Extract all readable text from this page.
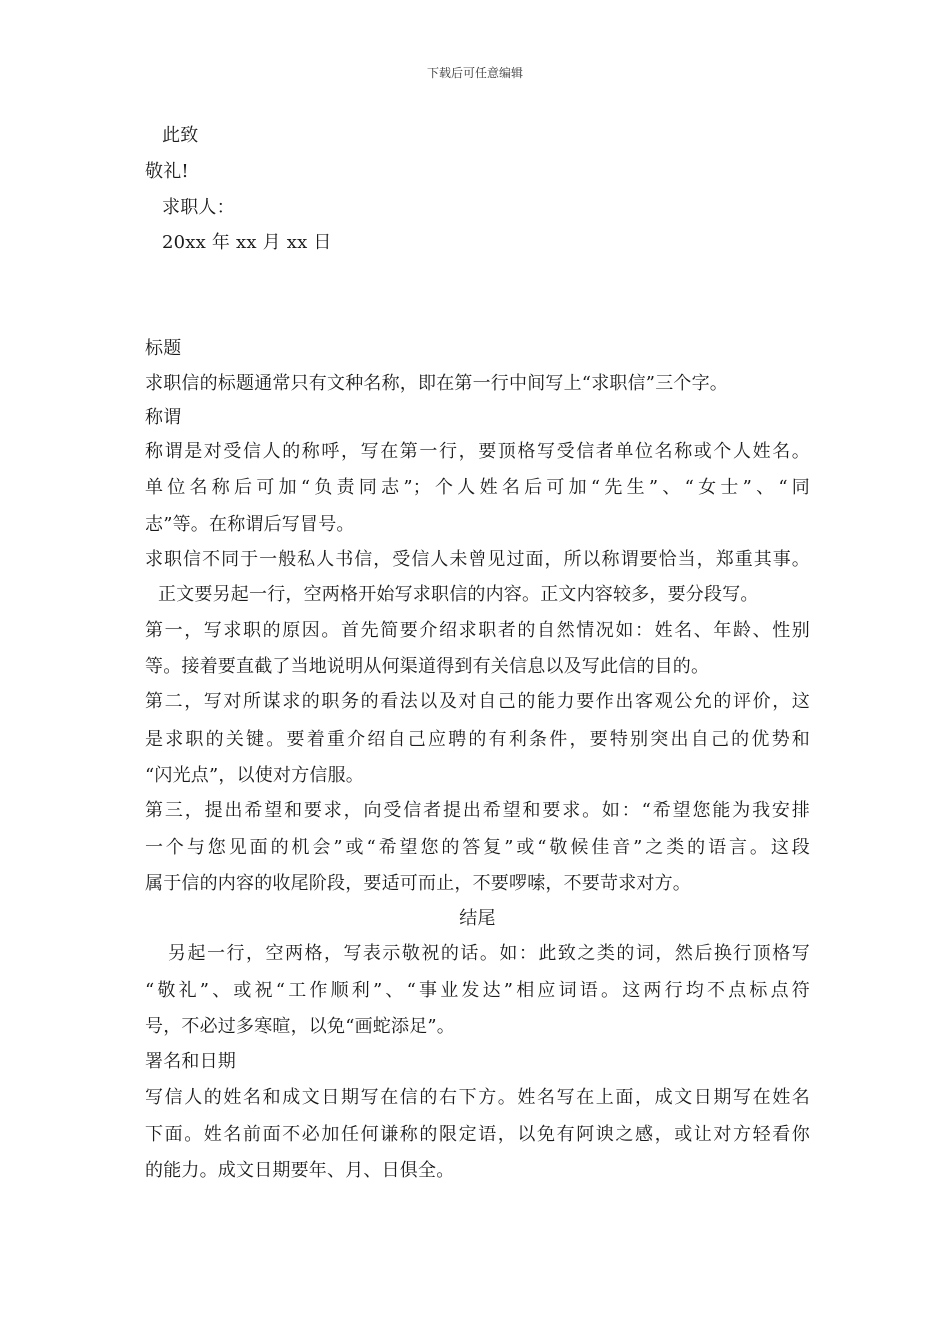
下载后可任意编辑
此致
敬礼!
求职人：
20xx 年 xx 月 xx 日
标题
求职信的标题通常只有文种名称，即在第一行中间写上“求职信”三个字。
称谓
称谓是对受信人的称呼，写在第一行，要顶格写受信者单位名称或个人姓名。
单位名称后可加“负责同志”；个人姓名后可加“先生”、“女士”、“同
志”等。在称谓后写冒号。
求职信不同于一般私人书信，受信人未曾见过面，所以称谓要恰当，郑重其事。
正文要另起一行，空两格开始写求职信的内容。正文内容较多，要分段写。
第一，写求职的原因。首先简要介绍求职者的自然情况如：姓名、年龄、性别
等。接着要直截了当地说明从何渠道得到有关信息以及写此信的目的。
第二，写对所谋求的职务的看法以及对自己的能力要作出客观公允的评价，这
是求职的关键。要着重介绍自己应聘的有利条件，要特别突出自己的优势和
“闪光点”，以使对方信服。
第三，提出希望和要求，向受信者提出希望和要求。如：“希望您能为我安排
一个与您见面的机会”或“希望您的答复”或“敬候佳音”之类的语言。这段
属于信的内容的收尾阶段，要适可而止，不要啰嗦，不要苛求对方。
结尾
另起一行，空两格，写表示敬祝的话。如：此致之类的词，然后换行顶格写
“敬礼”、或祝“工作顺利”、“事业发达”相应词语。这两行均不点标点符
号，不必过多寒暄，以免“画蛇添足”。
署名和日期
写信人的姓名和成文日期写在信的右下方。姓名写在上面，成文日期写在姓名
下面。姓名前面不必加任何谦称的限定语，以免有阿谀之感，或让对方轻看你
的能力。成文日期要年、月、日俱全。
